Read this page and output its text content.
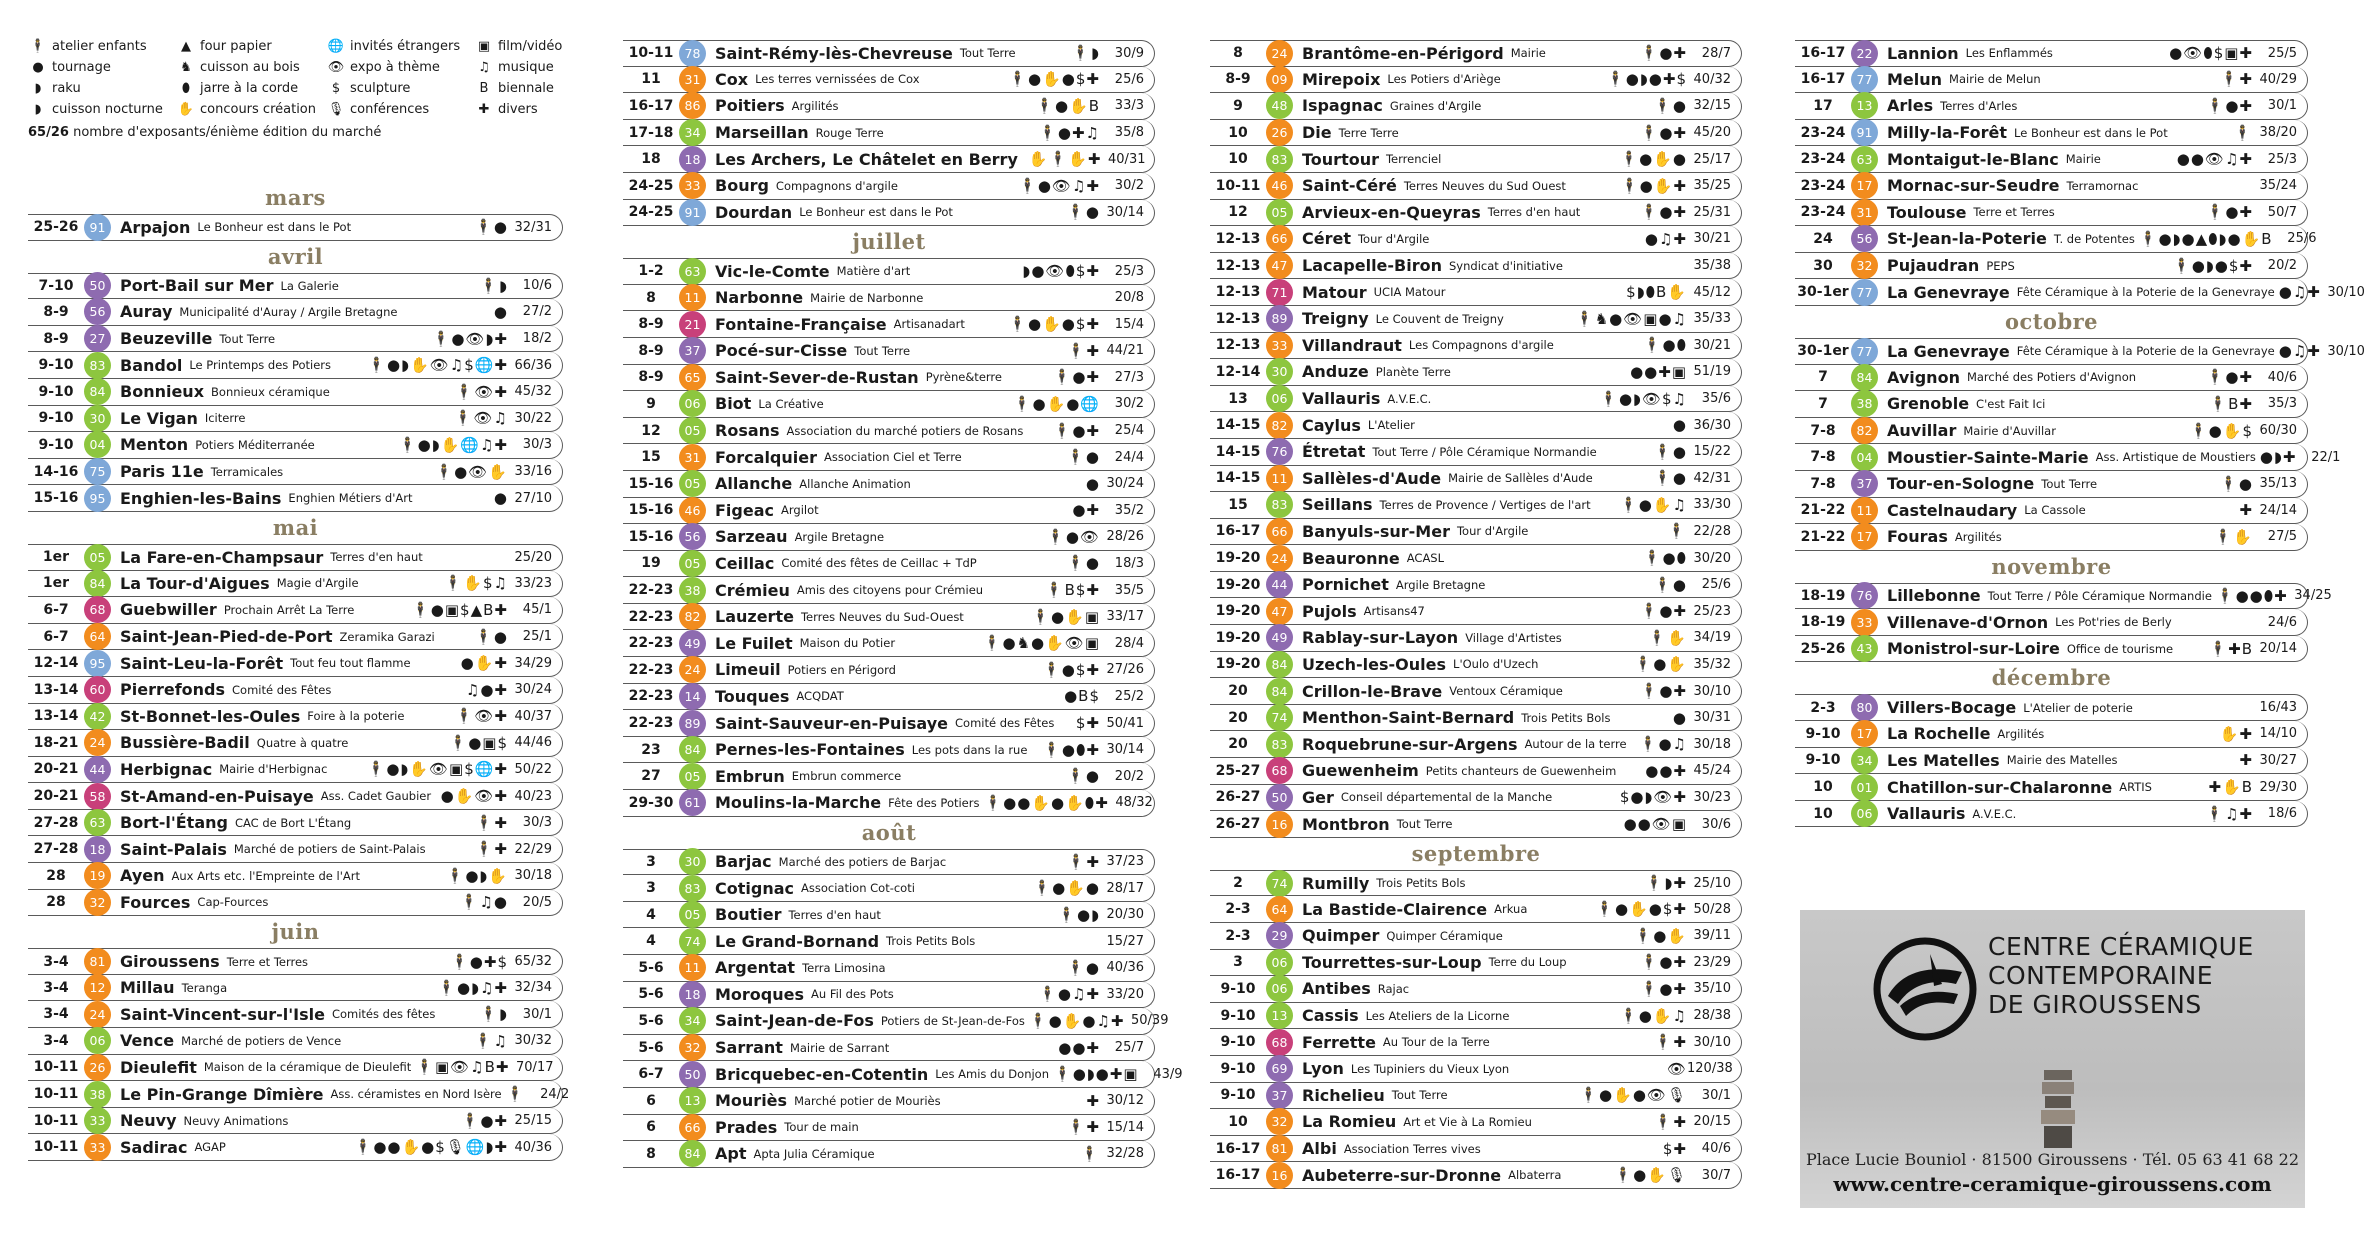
🕴 atelier enfants	▲ four papier	🌐 invités étrangers ▣ film/vidéo
● tournage	♞ cuisson au bois 👁 expo à thème	♫ musique
◗ raku	⬮ jarre à la corde	$ sculpture	B biennale
◗ cuisson nocturne ✋ concours création 🎙 conférences	✚ divers
65/26 nombre d'exposants/énième édition du marché
mars
25-26 91 Arpajon Le Bonheur est dans le Pot	🕴● 32/31
avril
7-10	50 Port-Bail sur Mer La Galerie	🕴◗	10/6
8-9	56 Auray Municipalité d'Auray / Argile Bretagne	●	27/2
8-9	27 Beuzeville Tout Terre	🕴●👁◗✚	18/2
9-10	83 Bandol Le Printemps des Potiers	🕴●◗✋👁♫$🌐✚ 66/36
9-10	84 Bonnieux Bonnieux céramique	🕴👁✚ 45/32
9-10	30 Le Vigan Iciterre	🕴👁♫ 30/22
9-10	04 Menton Potiers Méditerranée	🕴●◗✋🌐♫✚	30/3
14-16 75 Paris 11e Terramicales	🕴●👁✋ 33/16
15-16 95 Enghien-les-Bains Enghien Métiers d'Art	● 27/10
mai
1er	05 La Fare-en-Champsaur Terres d'en haut	25/20
1er	84 La Tour-d'Aigues Magie d'Argile	🕴✋$♫ 33/23
6-7	68 Guebwiller Prochain Arrêt La Terre	🕴●▣$▲B✚	45/1
6-7	64 Saint-Jean-Pied-de-Port Zeramika Garazi	🕴●	25/1
12-14 95 Saint-Leu-la-Forêt Tout feu tout flamme	●✋✚ 34/29
13-14 60 Pierrefonds Comité des Fêtes	♫●✚ 30/24
13-14 42 St-Bonnet-les-Oules Foire à la poterie	🕴👁✚ 40/37
18-21 24 Bussière-Badil Quatre à quatre	🕴●▣$ 44/46
20-21 44 Herbignac Mairie d'Herbignac	🕴●◗✋👁▣$🌐✚ 50/22
20-21 58 St-Amand-en-Puisaye Ass. Cadet Gaubier ●✋👁✚ 40/23
27-28 63 Bort-l'Étang CAC de Bort L'Étang	🕴✚	30/3
27-28 18 Saint-Palais Marché de potiers de Saint-Palais	🕴✚ 22/29
28	19 Ayen Aux Arts etc. l'Empreinte de l'Art	🕴●◗✋ 30/18
28	32 Fources Cap-Fources	🕴♫●	20/5
juin
3-4	81 Giroussens Terre et Terres	🕴●✚$ 65/32
3-4	12 Millau Teranga	🕴●◗♫✚ 32/34
3-4	24 Saint-Vincent-sur-l'Isle Comités des fêtes	🕴◗	30/1
3-4	06 Vence Marché de potiers de Vence	🕴♫ 30/32
10-11 26 Dieulefit Maison de la céramique de Dieulefit 🕴▣👁♫B✚ 70/17
10-11 38 Le Pin-Grange Dîmière Ass. céramistes en Nord Isère 🕴	24/2
10-11 33 Neuvy Neuvy Animations	🕴●✚ 25/15
10-11 33 Sadirac AGAP	🕴●●✋●$🎙🌐◗✚ 40/36
10-11 78 Saint-Rémy-lès-Chevreuse Tout Terre	🕴◗	30/9
11	31 Cox Les terres vernissées de Cox	🕴●✋●$✚	25/6
16-17 86 Poitiers Argilités	🕴●✋B	33/3
17-18 34 Marseillan Rouge Terre	🕴●✚♫	35/8
18	18 Les Archers, Le Châtelet en Berry ✋🕴✋✚ 40/31
24-25 33 Bourg Compagnons d'argile	🕴●👁♫✚	30/2
24-25 91 Dourdan Le Bonheur est dans le Pot	🕴● 30/14
juillet
1-2	63 Vic-le-Comte Matière d'art	◗●👁⬮$✚	25/3
8	11 Narbonne Mairie de Narbonne	20/8
8-9	21 Fontaine-Française Artisanadart	🕴●✋●$✚	15/4
8-9	37 Pocé-sur-Cisse Tout Terre	🕴✚ 44/21
8-9	65 Saint-Sever-de-Rustan Pyrène&terre	🕴●✚	27/3
9	06 Biot La Créative	🕴●✋●🌐	30/2
12	05 Rosans Association du marché potiers de Rosans	🕴●✚	25/4
15	31 Forcalquier Association Ciel et Terre	🕴●	24/4
15-16 05 Allanche Allanche Animation	● 30/24
15-16 46 Figeac Argilot	●✚	35/2
15-16 56 Sarzeau Argile Bretagne	🕴●👁 28/26
19	05 Ceillac Comité des fêtes de Ceillac + TdP	🕴●	18/3
22-23 38 Crémieu Amis des citoyens pour Crémieu	🕴B$✚	35/5
22-23 82 Lauzerte Terres Neuves du Sud-Ouest	🕴●✋▣ 33/17
22-23 49 Le Fuilet Maison du Potier	🕴●♞●✋👁▣	28/4
22-23 24 Limeuil Potiers en Périgord	🕴●$✚ 27/26
22-23 14 Touques ACQDAT	●B$	25/2
22-23 89 Saint-Sauveur-en-Puisaye Comité des Fêtes	$✚ 50/41
23	84 Pernes-les-Fontaines Les pots dans la rue 🕴●⬮✚ 30/14
27	05 Embrun Embrun commerce	🕴●	20/2
29-30 61 Moulins-la-Marche Fête des Potiers 🕴●●✋●✋⬮✚ 48/32
août
3	30 Barjac Marché des potiers de Barjac	🕴✚ 37/23
3	83 Cotignac Association Cot-coti	🕴●✋● 28/17
4	05 Boutier Terres d'en haut	🕴●◗ 20/30
4	74 Le Grand-Bornand Trois Petits Bols	15/27
5-6	11 Argentat Terra Limosina	🕴● 40/36
5-6	18 Moroques Au Fil des Pots	🕴●♫✚ 33/20
5-6	34 Saint-Jean-de-Fos Potiers de St-Jean-de-Fos 🕴●✋●♫✚ 50/39
5-6	32 Sarrant Mairie de Sarrant	●●✚	25/7
6-7	50 Bricquebec-en-Cotentin Les Amis du Donjon 🕴●◗●✚▣	43/9
6	13 Mouriès Marché potier de Mouriès	✚ 30/12
6	66 Prades Tour de main	🕴✚ 15/14
8	84 Apt Apta Julia Céramique	🕴 32/28
8	24 Brantôme-en-Périgord Mairie	🕴●✚	28/7
8-9	09 Mirepoix Les Potiers d'Ariège	🕴●◗●✚$ 40/32
9	48 Ispagnac Graines d'Argile	🕴● 32/15
10	26 Die Terre Terre	🕴●✚ 45/20
10	83 Tourtour Terrenciel	🕴●✋● 25/17
10-11 46 Saint-Céré Terres Neuves du Sud Ouest	🕴●✋✚ 35/25
12	05 Arvieux-en-Queyras Terres d'en haut	🕴●✚ 25/31
12-13 66 Céret Tour d'Argile	●♫✚ 30/21
12-13 47 Lacapelle-Biron Syndicat d'initiative	35/38
12-13 71 Matour UCIA Matour	$◗⬮B✋ 45/12
12-13 89 Treigny Le Couvent de Treigny	🕴♞●👁▣●♫ 35/33
12-13 33 Villandraut Les Compagnons d'argile	🕴●⬮ 30/21
12-14 30 Anduze Planète Terre	●●✚▣ 51/19
13	06 Vallauris A.V.E.C.	🕴●◗👁$♫	35/6
14-15 82 Caylus L'Atelier	● 36/30
14-15 76 Étretat Tout Terre / Pôle Céramique Normandie	🕴● 15/22
14-15 11 Sallèles-d'Aude Mairie de Sallèles d'Aude	🕴● 42/31
15	83 Seillans Terres de Provence / Vertiges de l'art	🕴●✋♫ 33/30
16-17 66 Banyuls-sur-Mer Tour d'Argile	🕴 22/28
19-20 24 Beauronne ACASL	🕴●⬮ 30/20
19-20 44 Pornichet Argile Bretagne	🕴●	25/6
19-20 47 Pujols Artisans47	🕴●✚ 25/23
19-20 49 Rablay-sur-Layon Village d'Artistes	🕴✋ 34/19
19-20 84 Uzech-les-Oules L'Oulo d'Uzech	🕴●✋ 35/32
20	84 Crillon-le-Brave Ventoux Céramique	🕴●✚ 30/10
20	74 Menthon-Saint-Bernard Trois Petits Bols	● 30/31
20	83 Roquebrune-sur-Argens Autour de la terre 🕴●♫ 30/18
25-27 68 Guewenheim Petits chanteurs de Guewenheim	●●✚ 45/24
26-27 50 Ger Conseil départemental de la Manche	$●◗👁✚ 30/23
26-27 16 Montbron Tout Terre	●●👁▣	30/6
septembre
2	74 Rumilly Trois Petits Bols	🕴◗✚ 25/10
2-3	64 La Bastide-Clairence Arkua	🕴●✋●$✚ 50/28
2-3	29 Quimper Quimper Céramique	🕴●✋ 39/11
3	06 Tourrettes-sur-Loup Terre du Loup	🕴●✚ 23/29
9-10	06 Antibes Rajac	🕴●✚ 35/10
9-10	13 Cassis Les Ateliers de la Licorne	🕴●✋♫ 28/38
9-10	68 Ferrette Au Tour de la Terre	🕴✚ 30/10
9-10	69 Lyon Les Tupiniers du Vieux Lyon	👁 120/38
9-10	37 Richelieu Tout Terre	🕴●✋●👁🎙	30/1
10	32 La Romieu Art et Vie à La Romieu	🕴✚ 20/15
16-17 81 Albi Association Terres vives	$✚	40/6
16-17 16 Aubeterre-sur-Dronne Albaterra	🕴●✋🎙	30/7
16-17 22 Lannion Les Enflammés	●👁⬮$▣✚	25/5
16-17 77 Melun Mairie de Melun	🕴✚ 40/29
17	13 Arles Terres d'Arles	🕴●✚	30/1
23-24 91 Milly-la-Forêt Le Bonheur est dans le Pot	🕴 38/20
23-24 63 Montaigut-le-Blanc Mairie	●●👁♫✚	25/3
23-24 17 Mornac-sur-Seudre Terramornac	35/24
23-24 31 Toulouse Terre et Terres	🕴●✚	50/7
24	56 St-Jean-la-Poterie T. de Potentes 🕴●◗●▲⬮◗●✋B	25/6
30	32 Pujaudran PEPS	🕴●◗●$✚	20/2
30-1er 77 La Genevraye Fête Céramique à la Poterie de la Genevraye ●♫✚ 30/10
octobre
30-1er 77 La Genevraye Fête Céramique à la Poterie de la Genevraye ●♫✚ 30/10
7	84 Avignon Marché des Potiers d'Avignon	🕴●✚	40/6
7	38 Grenoble C'est Fait Ici	🕴B✚	35/3
7-8	82 Auvillar Mairie d'Auvillar	🕴●✋$ 60/30
7-8	04 Moustier-Sainte-Marie Ass. Artistique de Moustiers ●◗✚	22/1
7-8	37 Tour-en-Sologne Tout Terre	🕴● 35/13
21-22 11 Castelnaudary La Cassole	✚ 24/14
21-22 17 Fouras Argilités	🕴✋	27/5
novembre
18-19 76 Lillebonne Tout Terre / Pôle Céramique Normandie 🕴●●⬮✚ 34/25
18-19 33 Villenave-d'Ornon Les Pot'ries de Berly	24/6
25-26 43 Monistrol-sur-Loire Office de tourisme	🕴✚B 20/14
décembre
2-3	80 Villers-Bocage L'Atelier de poterie	16/43
9-10	17 La Rochelle Argilités	✋✚ 14/10
9-10	34 Les Matelles Mairie des Matelles	✚ 30/27
10	01 Chatillon-sur-Chalaronne ARTIS	✚✋B 29/30
10	06 Vallauris A.V.E.C.	🕴♫✚	18/6
CENTRE CÉRAMIQUE
CONTEMPORAINE
DE GIROUSSENS
Place Lucie Bouniol · 81500 Giroussens · Tél. 05 63 41 68 22
www.centre-ceramique-giroussens.com
